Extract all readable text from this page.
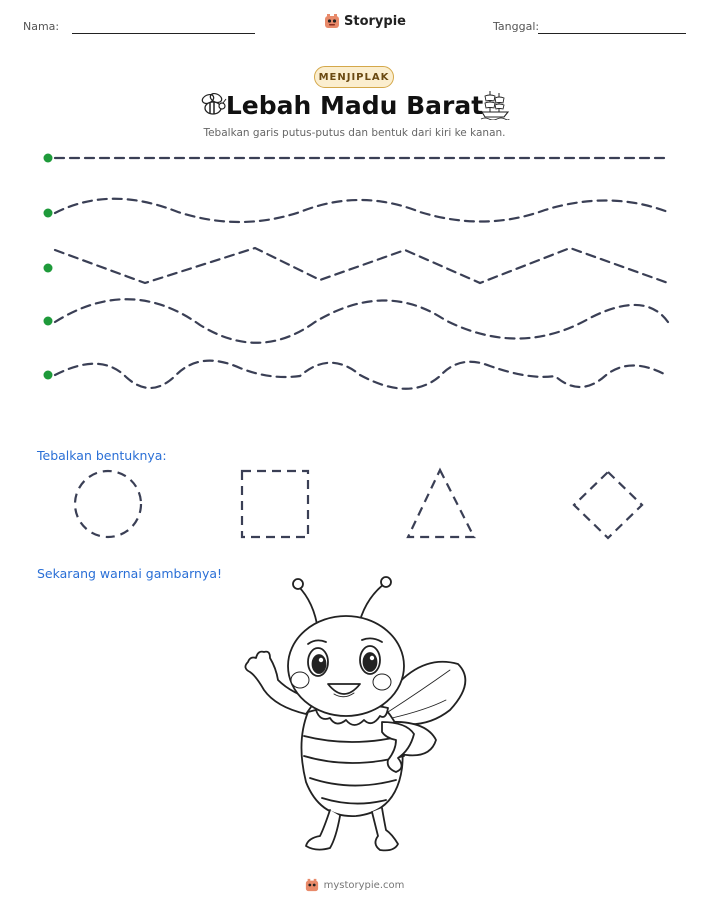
Nama:	Storypie	Tanggal:
MENJIPLAK
Lebah Madu Barat
Tebalkan garis putus-putus dan bentuk dari kiri ke kanan.
Tebalkan bentuknya:
Sekarang warnai gambarnya!
mystorypie.com
